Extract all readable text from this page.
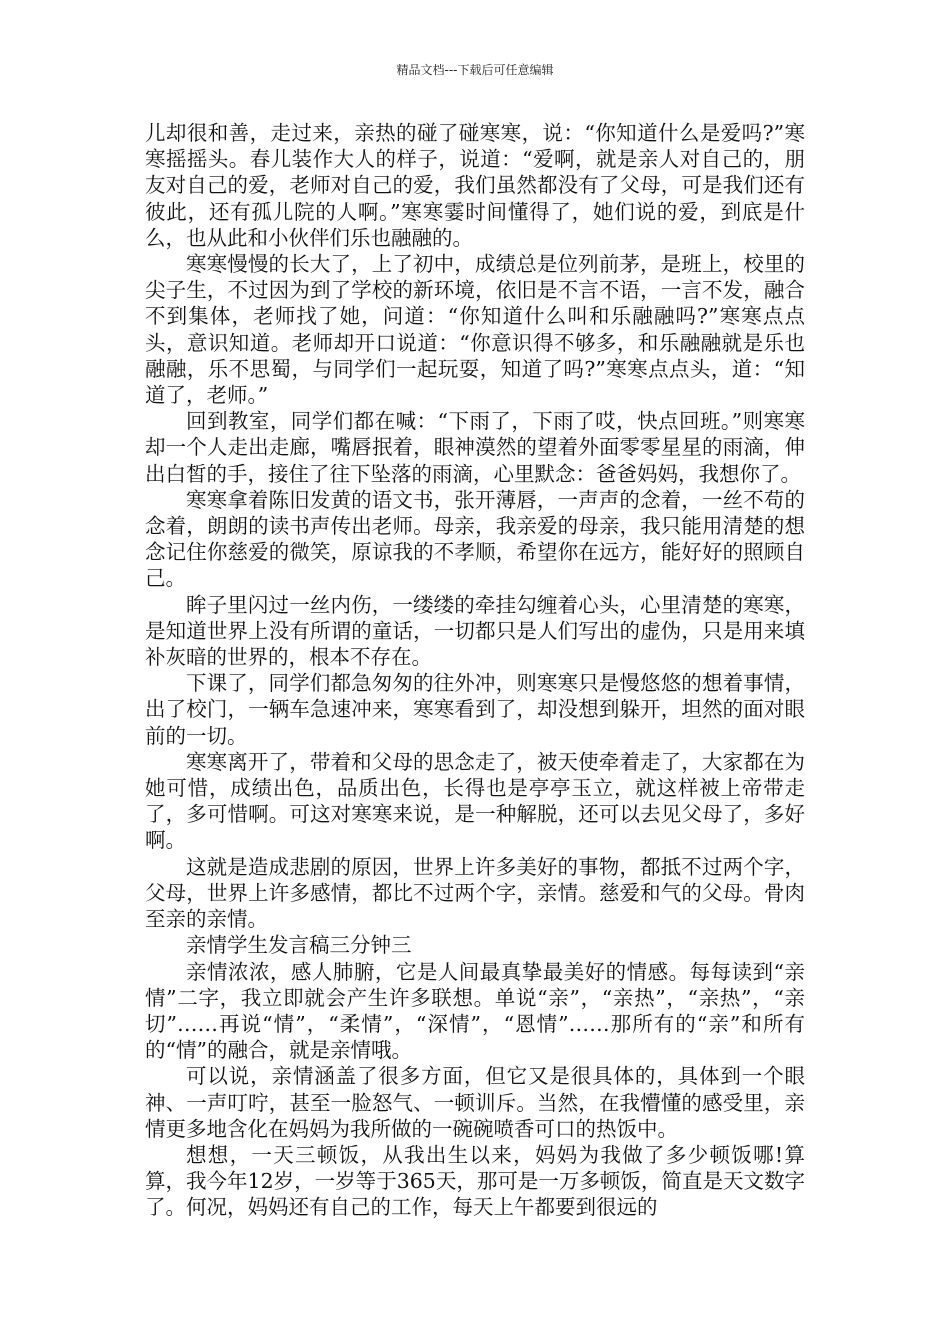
精品文档---下载后可任意编辑

儿却很和善，走过来，亲热的碰了碰寒寒，说：“你知道什么是爱吗?”寒寒摇摇头。春儿装作大人的样子，说道：“爱啊，就是亲人对自己的，朋友对自己的爱，老师对自己的爱，我们虽然都没有了父母，可是我们还有彼此，还有孤儿院的人啊。”寒寒霎时间懂得了，她们说的爱，到底是什么，也从此和小伙伴们乐也融融的。

寒寒慢慢的长大了，上了初中，成绩总是位列前茅，是班上，校里的尖子生，不过因为到了学校的新环境，依旧是不言不语，一言不发，融合不到集体，老师找了她，问道：“你知道什么叫和乐融融吗?”寒寒点点头，意识知道。老师却开口说道：“你意识得不够多，和乐融融就是乐也融融，乐不思蜀，与同学们一起玩耍，知道了吗?”寒寒点点头，道：“知道了，老师。”

回到教室，同学们都在喊：“下雨了，下雨了哎，快点回班。”则寒寒却一个人走出走廊，嘴唇抿着，眼神漠然的望着外面零零星星的雨滴，伸出白皙的手，接住了往下坠落的雨滴，心里默念：爸爸妈妈，我想你了。

寒寒拿着陈旧发黄的语文书，张开薄唇，一声声的念着，一丝不苟的念着，朗朗的读书声传出老师。母亲，我亲爱的母亲，我只能用清楚的想念记住你慈爱的微笑，原谅我的不孝顺，希望你在远方，能好好的照顾自己。

眸子里闪过一丝内伤，一缕缕的牵挂勾缠着心头，心里清楚的寒寒，是知道世界上没有所谓的童话，一切都只是人们写出的虚伪，只是用来填补灰暗的世界的，根本不存在。

下课了，同学们都急匆匆的往外冲，则寒寒只是慢悠悠的想着事情，出了校门，一辆车急速冲来，寒寒看到了，却没想到躲开，坦然的面对眼前的一切。

寒寒离开了，带着和父母的思念走了，被天使牵着走了，大家都在为她可惜，成绩出色，品质出色，长得也是亭亭玉立，就这样被上帝带走了，多可惜啊。可这对寒寒来说，是一种解脱，还可以去见父母了，多好啊。

这就是造成悲剧的原因，世界上许多美好的事物，都抵不过两个字，父母，世界上许多感情，都比不过两个字，亲情。慈爱和气的父母。骨肉至亲的亲情。

亲情学生发言稿三分钟三

亲情浓浓，感人肺腑，它是人间最真挚最美好的情感。每每读到“亲情”二字，我立即就会产生许多联想。单说“亲”，“亲热”，“亲热”，“亲切”……再说“情”，“柔情”，“深情”，“恩情”……那所有的“亲”和所有的“情”的融合，就是亲情哦。

可以说，亲情涵盖了很多方面，但它又是很具体的，具体到一个眼神、一声叮咛，甚至一脸怒气、一顿训斥。当然，在我懵懂的感受里，亲情更多地含化在妈妈为我所做的一碗碗喷香可口的热饭中。

想想，一天三顿饭，从我出生以来，妈妈为我做了多少顿饭哪!算算，我今年12岁，一岁等于365天，那可是一万多顿饭，简直是天文数字了。何况，妈妈还有自己的工作，每天上午都要到很远的
